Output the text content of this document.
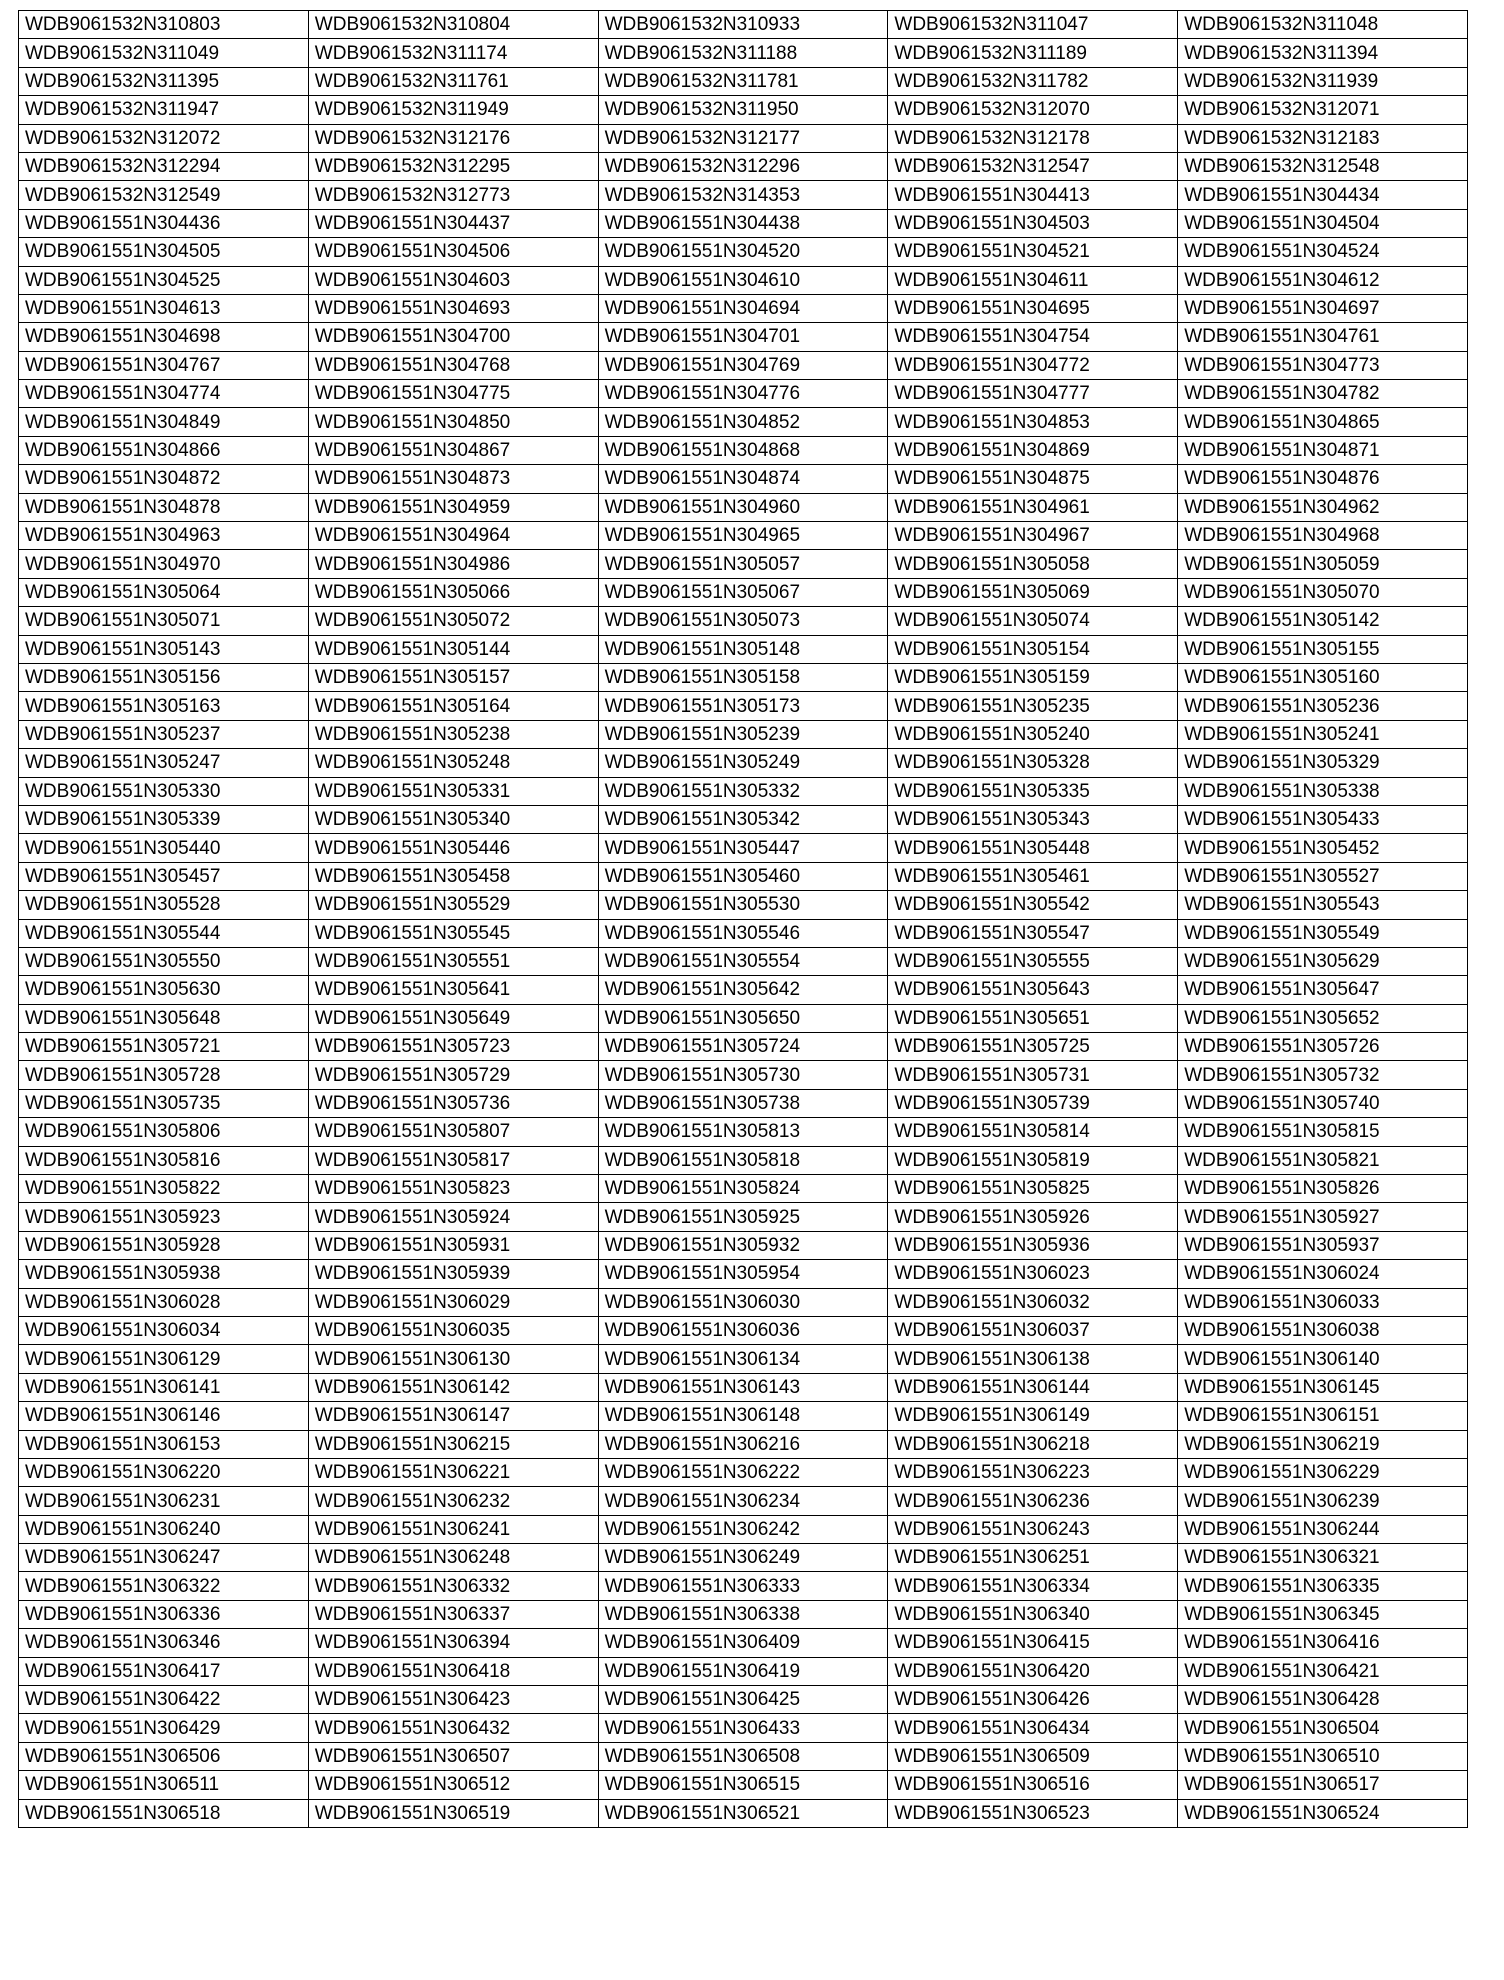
WDB9061532N310803	WDB9061532N310804	WDB9061532N310933	WDB9061532N311047	WDB9061532N311048
WDB9061532N311049	WDB9061532N311174	WDB9061532N311188	WDB9061532N311189	WDB9061532N311394
WDB9061532N311395	WDB9061532N311761	WDB9061532N311781	WDB9061532N311782	WDB9061532N311939
WDB9061532N311947	WDB9061532N311949	WDB9061532N311950	WDB9061532N312070	WDB9061532N312071
WDB9061532N312072	WDB9061532N312176	WDB9061532N312177	WDB9061532N312178	WDB9061532N312183
WDB9061532N312294	WDB9061532N312295	WDB9061532N312296	WDB9061532N312547	WDB9061532N312548
WDB9061532N312549	WDB9061532N312773	WDB9061532N314353	WDB9061551N304413	WDB9061551N304434
WDB9061551N304436	WDB9061551N304437	WDB9061551N304438	WDB9061551N304503	WDB9061551N304504
WDB9061551N304505	WDB9061551N304506	WDB9061551N304520	WDB9061551N304521	WDB9061551N304524
WDB9061551N304525	WDB9061551N304603	WDB9061551N304610	WDB9061551N304611	WDB9061551N304612
WDB9061551N304613	WDB9061551N304693	WDB9061551N304694	WDB9061551N304695	WDB9061551N304697
WDB9061551N304698	WDB9061551N304700	WDB9061551N304701	WDB9061551N304754	WDB9061551N304761
WDB9061551N304767	WDB9061551N304768	WDB9061551N304769	WDB9061551N304772	WDB9061551N304773
WDB9061551N304774	WDB9061551N304775	WDB9061551N304776	WDB9061551N304777	WDB9061551N304782
WDB9061551N304849	WDB9061551N304850	WDB9061551N304852	WDB9061551N304853	WDB9061551N304865
WDB9061551N304866	WDB9061551N304867	WDB9061551N304868	WDB9061551N304869	WDB9061551N304871
WDB9061551N304872	WDB9061551N304873	WDB9061551N304874	WDB9061551N304875	WDB9061551N304876
WDB9061551N304878	WDB9061551N304959	WDB9061551N304960	WDB9061551N304961	WDB9061551N304962
WDB9061551N304963	WDB9061551N304964	WDB9061551N304965	WDB9061551N304967	WDB9061551N304968
WDB9061551N304970	WDB9061551N304986	WDB9061551N305057	WDB9061551N305058	WDB9061551N305059
WDB9061551N305064	WDB9061551N305066	WDB9061551N305067	WDB9061551N305069	WDB9061551N305070
WDB9061551N305071	WDB9061551N305072	WDB9061551N305073	WDB9061551N305074	WDB9061551N305142
WDB9061551N305143	WDB9061551N305144	WDB9061551N305148	WDB9061551N305154	WDB9061551N305155
WDB9061551N305156	WDB9061551N305157	WDB9061551N305158	WDB9061551N305159	WDB9061551N305160
WDB9061551N305163	WDB9061551N305164	WDB9061551N305173	WDB9061551N305235	WDB9061551N305236
WDB9061551N305237	WDB9061551N305238	WDB9061551N305239	WDB9061551N305240	WDB9061551N305241
WDB9061551N305247	WDB9061551N305248	WDB9061551N305249	WDB9061551N305328	WDB9061551N305329
WDB9061551N305330	WDB9061551N305331	WDB9061551N305332	WDB9061551N305335	WDB9061551N305338
WDB9061551N305339	WDB9061551N305340	WDB9061551N305342	WDB9061551N305343	WDB9061551N305433
WDB9061551N305440	WDB9061551N305446	WDB9061551N305447	WDB9061551N305448	WDB9061551N305452
WDB9061551N305457	WDB9061551N305458	WDB9061551N305460	WDB9061551N305461	WDB9061551N305527
WDB9061551N305528	WDB9061551N305529	WDB9061551N305530	WDB9061551N305542	WDB9061551N305543
WDB9061551N305544	WDB9061551N305545	WDB9061551N305546	WDB9061551N305547	WDB9061551N305549
WDB9061551N305550	WDB9061551N305551	WDB9061551N305554	WDB9061551N305555	WDB9061551N305629
WDB9061551N305630	WDB9061551N305641	WDB9061551N305642	WDB9061551N305643	WDB9061551N305647
WDB9061551N305648	WDB9061551N305649	WDB9061551N305650	WDB9061551N305651	WDB9061551N305652
WDB9061551N305721	WDB9061551N305723	WDB9061551N305724	WDB9061551N305725	WDB9061551N305726
WDB9061551N305728	WDB9061551N305729	WDB9061551N305730	WDB9061551N305731	WDB9061551N305732
WDB9061551N305735	WDB9061551N305736	WDB9061551N305738	WDB9061551N305739	WDB9061551N305740
WDB9061551N305806	WDB9061551N305807	WDB9061551N305813	WDB9061551N305814	WDB9061551N305815
WDB9061551N305816	WDB9061551N305817	WDB9061551N305818	WDB9061551N305819	WDB9061551N305821
WDB9061551N305822	WDB9061551N305823	WDB9061551N305824	WDB9061551N305825	WDB9061551N305826
WDB9061551N305923	WDB9061551N305924	WDB9061551N305925	WDB9061551N305926	WDB9061551N305927
WDB9061551N305928	WDB9061551N305931	WDB9061551N305932	WDB9061551N305936	WDB9061551N305937
WDB9061551N305938	WDB9061551N305939	WDB9061551N305954	WDB9061551N306023	WDB9061551N306024
WDB9061551N306028	WDB9061551N306029	WDB9061551N306030	WDB9061551N306032	WDB9061551N306033
WDB9061551N306034	WDB9061551N306035	WDB9061551N306036	WDB9061551N306037	WDB9061551N306038
WDB9061551N306129	WDB9061551N306130	WDB9061551N306134	WDB9061551N306138	WDB9061551N306140
WDB9061551N306141	WDB9061551N306142	WDB9061551N306143	WDB9061551N306144	WDB9061551N306145
WDB9061551N306146	WDB9061551N306147	WDB9061551N306148	WDB9061551N306149	WDB9061551N306151
WDB9061551N306153	WDB9061551N306215	WDB9061551N306216	WDB9061551N306218	WDB9061551N306219
WDB9061551N306220	WDB9061551N306221	WDB9061551N306222	WDB9061551N306223	WDB9061551N306229
WDB9061551N306231	WDB9061551N306232	WDB9061551N306234	WDB9061551N306236	WDB9061551N306239
WDB9061551N306240	WDB9061551N306241	WDB9061551N306242	WDB9061551N306243	WDB9061551N306244
WDB9061551N306247	WDB9061551N306248	WDB9061551N306249	WDB9061551N306251	WDB9061551N306321
WDB9061551N306322	WDB9061551N306332	WDB9061551N306333	WDB9061551N306334	WDB9061551N306335
WDB9061551N306336	WDB9061551N306337	WDB9061551N306338	WDB9061551N306340	WDB9061551N306345
WDB9061551N306346	WDB9061551N306394	WDB9061551N306409	WDB9061551N306415	WDB9061551N306416
WDB9061551N306417	WDB9061551N306418	WDB9061551N306419	WDB9061551N306420	WDB9061551N306421
WDB9061551N306422	WDB9061551N306423	WDB9061551N306425	WDB9061551N306426	WDB9061551N306428
WDB9061551N306429	WDB9061551N306432	WDB9061551N306433	WDB9061551N306434	WDB9061551N306504
WDB9061551N306506	WDB9061551N306507	WDB9061551N306508	WDB9061551N306509	WDB9061551N306510
WDB9061551N306511	WDB9061551N306512	WDB9061551N306515	WDB9061551N306516	WDB9061551N306517
WDB9061551N306518	WDB9061551N306519	WDB9061551N306521	WDB9061551N306523	WDB9061551N306524
